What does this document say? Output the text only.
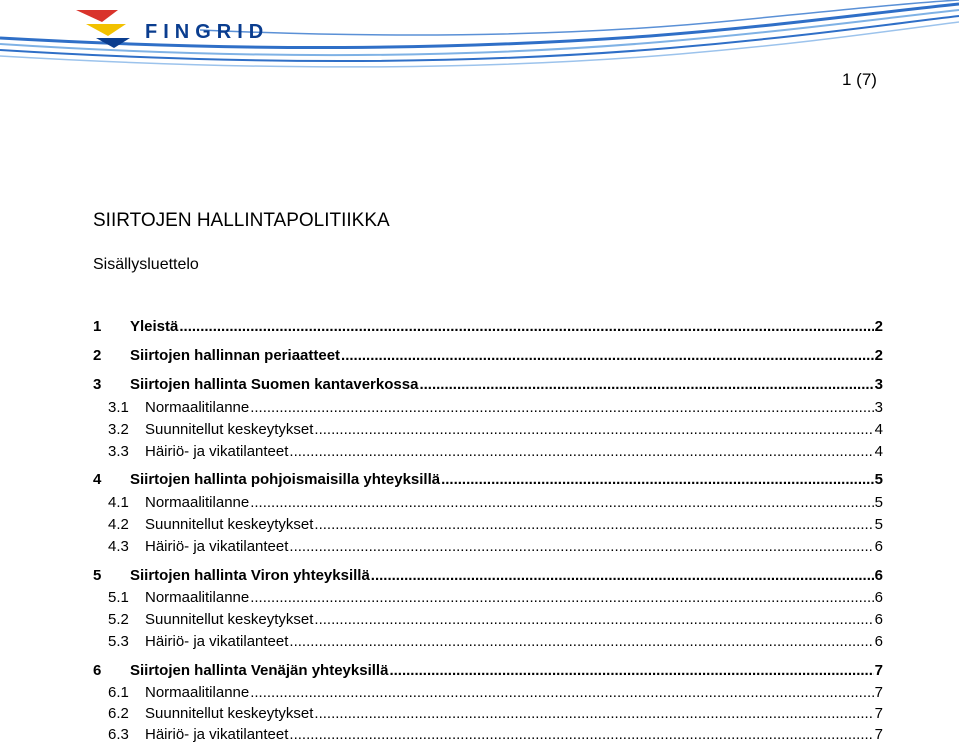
FINGRID
1 (7)
SIIRTOJEN HALLINTAPOLITIIKKA
Sisällysluettelo
1	Yleistä .....	2
2	Siirtojen hallinnan periaatteet .....	2
3	Siirtojen hallinta Suomen kantaverkossa .....	3
3.1	Normaalitilanne .....	3
3.2	Suunnitellut keskeytykset .....	4
3.3	Häiriö- ja vikatilanteet .....	4
4	Siirtojen hallinta pohjoismaisilla yhteyksillä .....	5
4.1	Normaalitilanne .....	5
4.2	Suunnitellut keskeytykset .....	5
4.3	Häiriö- ja vikatilanteet .....	6
5	Siirtojen hallinta Viron yhteyksillä .....	6
5.1	Normaalitilanne .....	6
5.2	Suunnitellut keskeytykset .....	6
5.3	Häiriö- ja vikatilanteet .....	6
6	Siirtojen hallinta Venäjän yhteyksillä .....	7
6.1	Normaalitilanne .....	7
6.2	Suunnitellut keskeytykset .....	7
6.3	Häiriö- ja vikatilanteet .....	7
